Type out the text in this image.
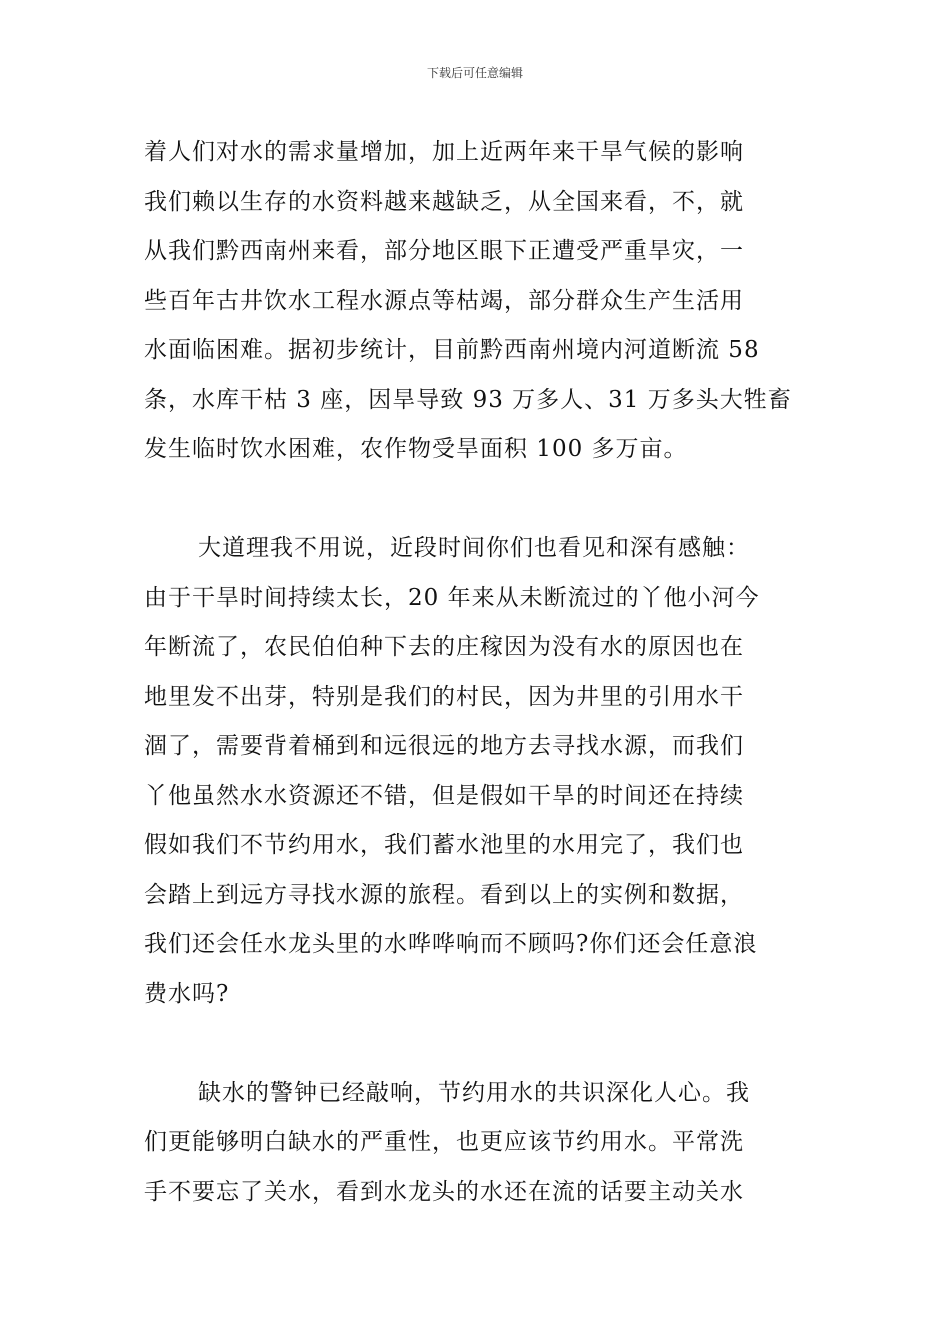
下载后可任意编辑
着人们对水的需求量增加，加上近两年来干旱气候的影响
我们赖以生存的水资料越来越缺乏，从全国来看，不，就
从我们黔西南州来看，部分地区眼下正遭受严重旱灾，一
些百年古井饮水工程水源点等枯竭，部分群众生产生活用
水面临困难。据初步统计，目前黔西南州境内河道断流 58
条，水库干枯 3 座，因旱导致 93 万多人、31 万多头大牲畜
发生临时饮水困难，农作物受旱面积 100 多万亩。
大道理我不用说，近段时间你们也看见和深有感触：
由于干旱时间持续太长，20 年来从未断流过的丫他小河今
年断流了，农民伯伯种下去的庄稼因为没有水的原因也在
地里发不出芽，特别是我们的村民，因为井里的引用水干
涸了，需要背着桶到和远很远的地方去寻找水源，而我们
丫他虽然水水资源还不错，但是假如干旱的时间还在持续
假如我们不节约用水，我们蓄水池里的水用完了，我们也
会踏上到远方寻找水源的旅程。看到以上的实例和数据，
我们还会任水龙头里的水哗哗响而不顾吗?你们还会任意浪
费水吗?
缺水的警钟已经敲响，节约用水的共识深化人心。我
们更能够明白缺水的严重性，也更应该节约用水。平常洗
手不要忘了关水，看到水龙头的水还在流的话要主动关水
